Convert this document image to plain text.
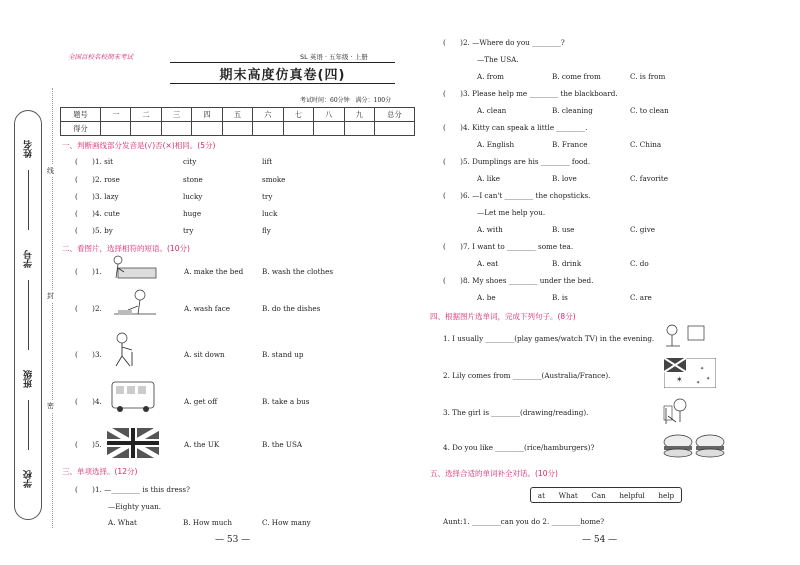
姓名
学号
班级
学校
线
封
密
全国百校名校期末考试	SL 英语 · 五年级 · 上册
期末高度仿真卷(四)
考试时间：60分钟　满分：100分
题号	一	二	三	四	五	六	七	八	九	总分
得分										
一、判断画线部分发音是(√)否(×)相同。(5分)
(　　)1. sit	city	lift
(　　)2. rose	stone	smoke
(　　)3. lazy	lucky	try
(　　)4. cute	huge	luck
(　　)5. by	try	fly
二、看图片，选择相符的短语。(10分)
(　　)1.	A. make the bed	B. wash the clothes
(　　)2.	A. wash face	B. do the dishes
(　　)3.	A. sit down	B. stand up
(　　)4.	A. get off	B. take a bus
(　　)5.	A. the UK	B. the USA
三、单项选择。(12分)
(　　)1. —________ is this dress?
—Eighty yuan.
A. What	B. How much	C. How many
— 53 —
(　　)2. —Where do you ________?
—The USA.
A. from	B. come from	C. is from
(　　)3. Please help me ________ the blackboard.
A. clean	B. cleaning	C. to clean
(　　)4. Kitty can speak a little ________.
A. English	B. France	C. China
(　　)5. Dumplings are his ________ food.
A. like	B. love	C. favorite
(　　)6. —I can't ________ the chopsticks.
—Let me help you.
A. with	B. use	C. give
(　　)7. I want to ________ some tea.
A. eat	B. drink	C. do
(　　)8. My shoes ________ under the bed.
A. be	B. is	C. are
四、根据图片选单词，完成下列句子。(8分)
1. I usually ________(play games/watch TV) in the evening.
2. Lily comes from ________(Australia/France).	✶
✶
✶
✶
3. The girl is ________(drawing/reading).
4. Do you like ________(rice/hamburgers)?
五、选择合适的单词补全对话。(10分)
at What Can helpful help
Aunt:1. ________can you do 2. ________home?
— 54 —
